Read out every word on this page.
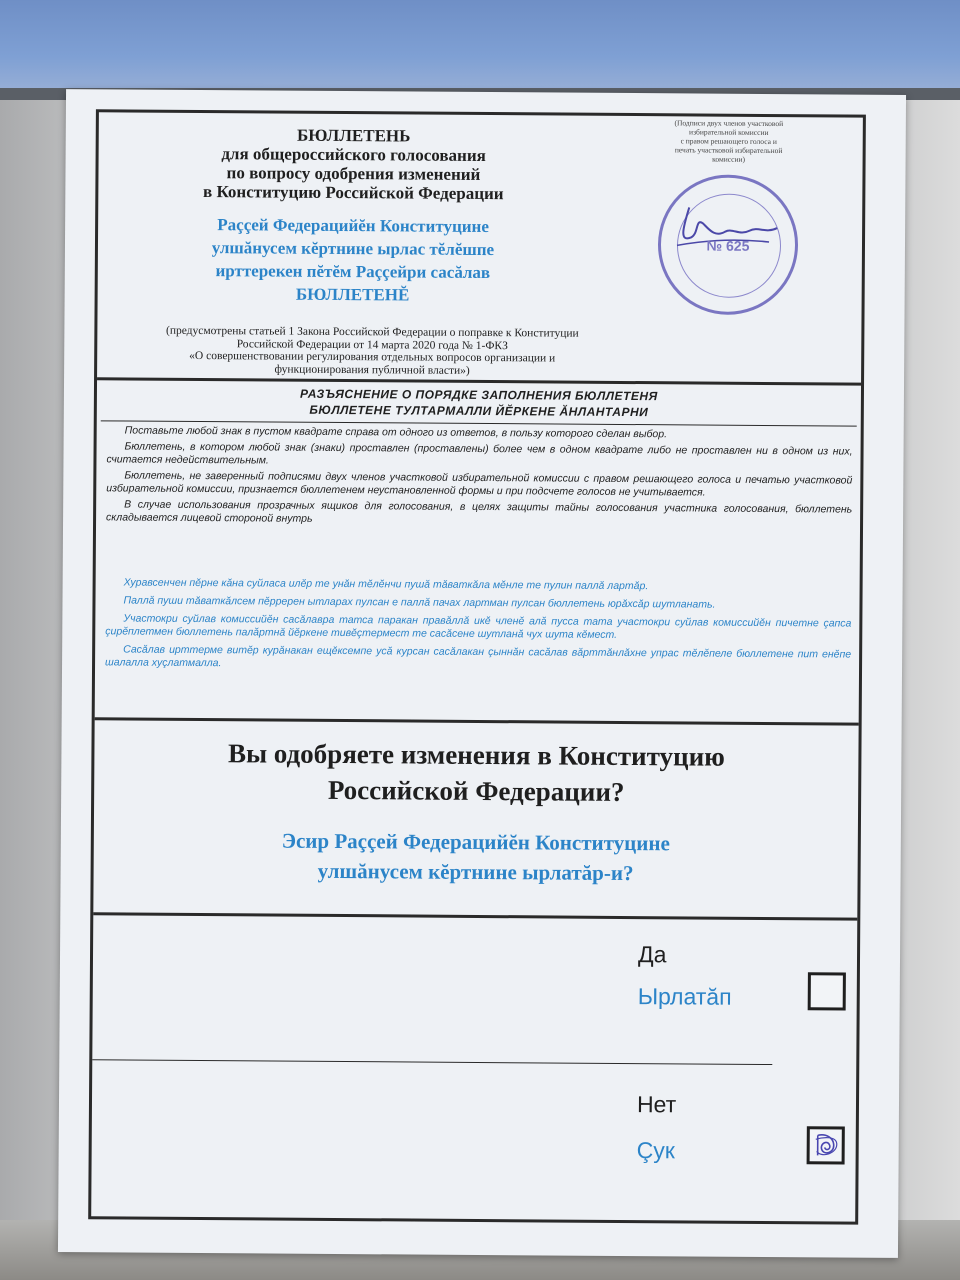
БЮЛЛЕТЕНЬ
для общероссийского голосования
по вопросу одобрения изменений
в Конституцию Российской Федерации
Раççей Федерацийĕн Конституцине
улшăнусем кĕртнине ырлас тĕлĕшпе
ирттерекен пĕтĕм Раççейри сасăлав
БЮЛЛЕТЕНĔ
(предусмотрены статьей 1 Закона Российской Федерации о поправке к Конституции
Российской Федерации от 14 марта 2020 года № 1-ФКЗ
«О совершенствовании регулирования отдельных вопросов организации и
функционирования публичной власти»)
(Подписи двух членов участковой
избирательной комиссии
с правом решающего голоса и
печать участковой избирательной
комиссии)
№ 625
РАЗЪЯСНЕНИЕ О ПОРЯДКЕ ЗАПОЛНЕНИЯ БЮЛЛЕТЕНЯ
БЮЛЛЕТЕНЕ ТУЛТАРМАЛЛИ ЙĔРКЕНЕ ĂНЛАНТАРНИ

Поставьте любой знак в пустом квадрате справа от одного из ответов, в пользу которого сделан выбор.

Бюллетень, в котором любой знак (знаки) проставлен (проставлены) более чем в одном квадрате либо не проставлен ни в одном из них, считается недействительным.

Бюллетень, не заверенный подписями двух членов участковой избирательной комиссии с правом решающего голоса и печатью участковой избирательной комиссии, признается бюллетенем неустановленной формы и при подсчете голосов не учитывается.

В случае использования прозрачных ящиков для голосования, в целях защиты тайны голосования участника голосования, бюллетень складывается лицевой стороной внутрь

Хуравсенчен пĕрне кăна суйласа илĕр те унăн тĕлĕнчи пушă тăваткăла мĕнле те пулин паллă лартăр.

Паллă пуши тăваткăлсем пĕрререн ытларах пулсан е паллă пачах лартман пулсан бюллетень юрăхсăр шутланать.

Участокри суйлав комиссийĕн сасăлавра татса паракан правăллă икĕ членĕ алă пусса тата участокри суйлав комиссийĕн пичетне çапса çирĕплетмен бюллетень палăртнă йĕркене тивĕçтермест те сасăсене шутланă чух шута кĕмест.

Сасăлав ирттерме витĕр курăнакан ещĕксемпе усă курсан сасăлакан çыннăн сасăлав вăрттăнлăхне упрас тĕлĕпеле бюллетене пит енĕпе шалалла хуçлатмалла.

Вы одобряете изменения в Конституцию
Российской Федерации?
Эсир Раççей Федерацийĕн Конституцине
улшăнусем кĕртнине ырлатăр-и?
Да
Ырлатăп
Нет
Çук
